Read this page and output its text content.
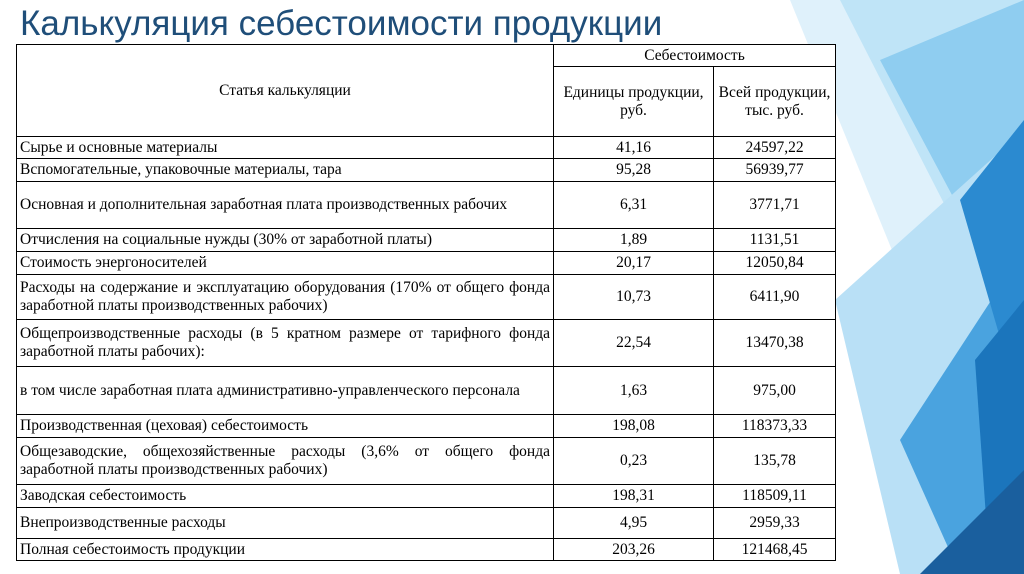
Калькуляция себестоимости продукции
Статья калькуляции	Себестоимость	
	Единицы продукции, руб.	Всей продукции, тыс. руб.
Сырье и основные материалы	41,16	24597,22
Вспомогательные, упаковочные материалы, тара	95,28	56939,77
Основная и дополнительная заработная плата производственных рабочих	6,31	3771,71
Отчисления на социальные нужды (30% от заработной платы)	1,89	1131,51
Стоимость энергоносителей	20,17	12050,84
Расходы на содержание и эксплуатацию оборудования (170% от общего фонда заработной платы производственных рабочих)	10,73	6411,90
Общепроизводственные расходы (в 5 кратном размере от тарифного фонда заработной платы рабочих):	22,54	13470,38
в том числе заработная плата административно-управленческого персонала	1,63	975,00
Производственная (цеховая) себестоимость	198,08	118373,33
Общезаводские, общехозяйственные расходы (3,6% от общего фонда заработной платы производственных рабочих)	0,23	135,78
Заводская себестоимость	198,31	118509,11
Внепроизводственные расходы	4,95	2959,33
Полная себестоимость продукции	203,26	121468,45
